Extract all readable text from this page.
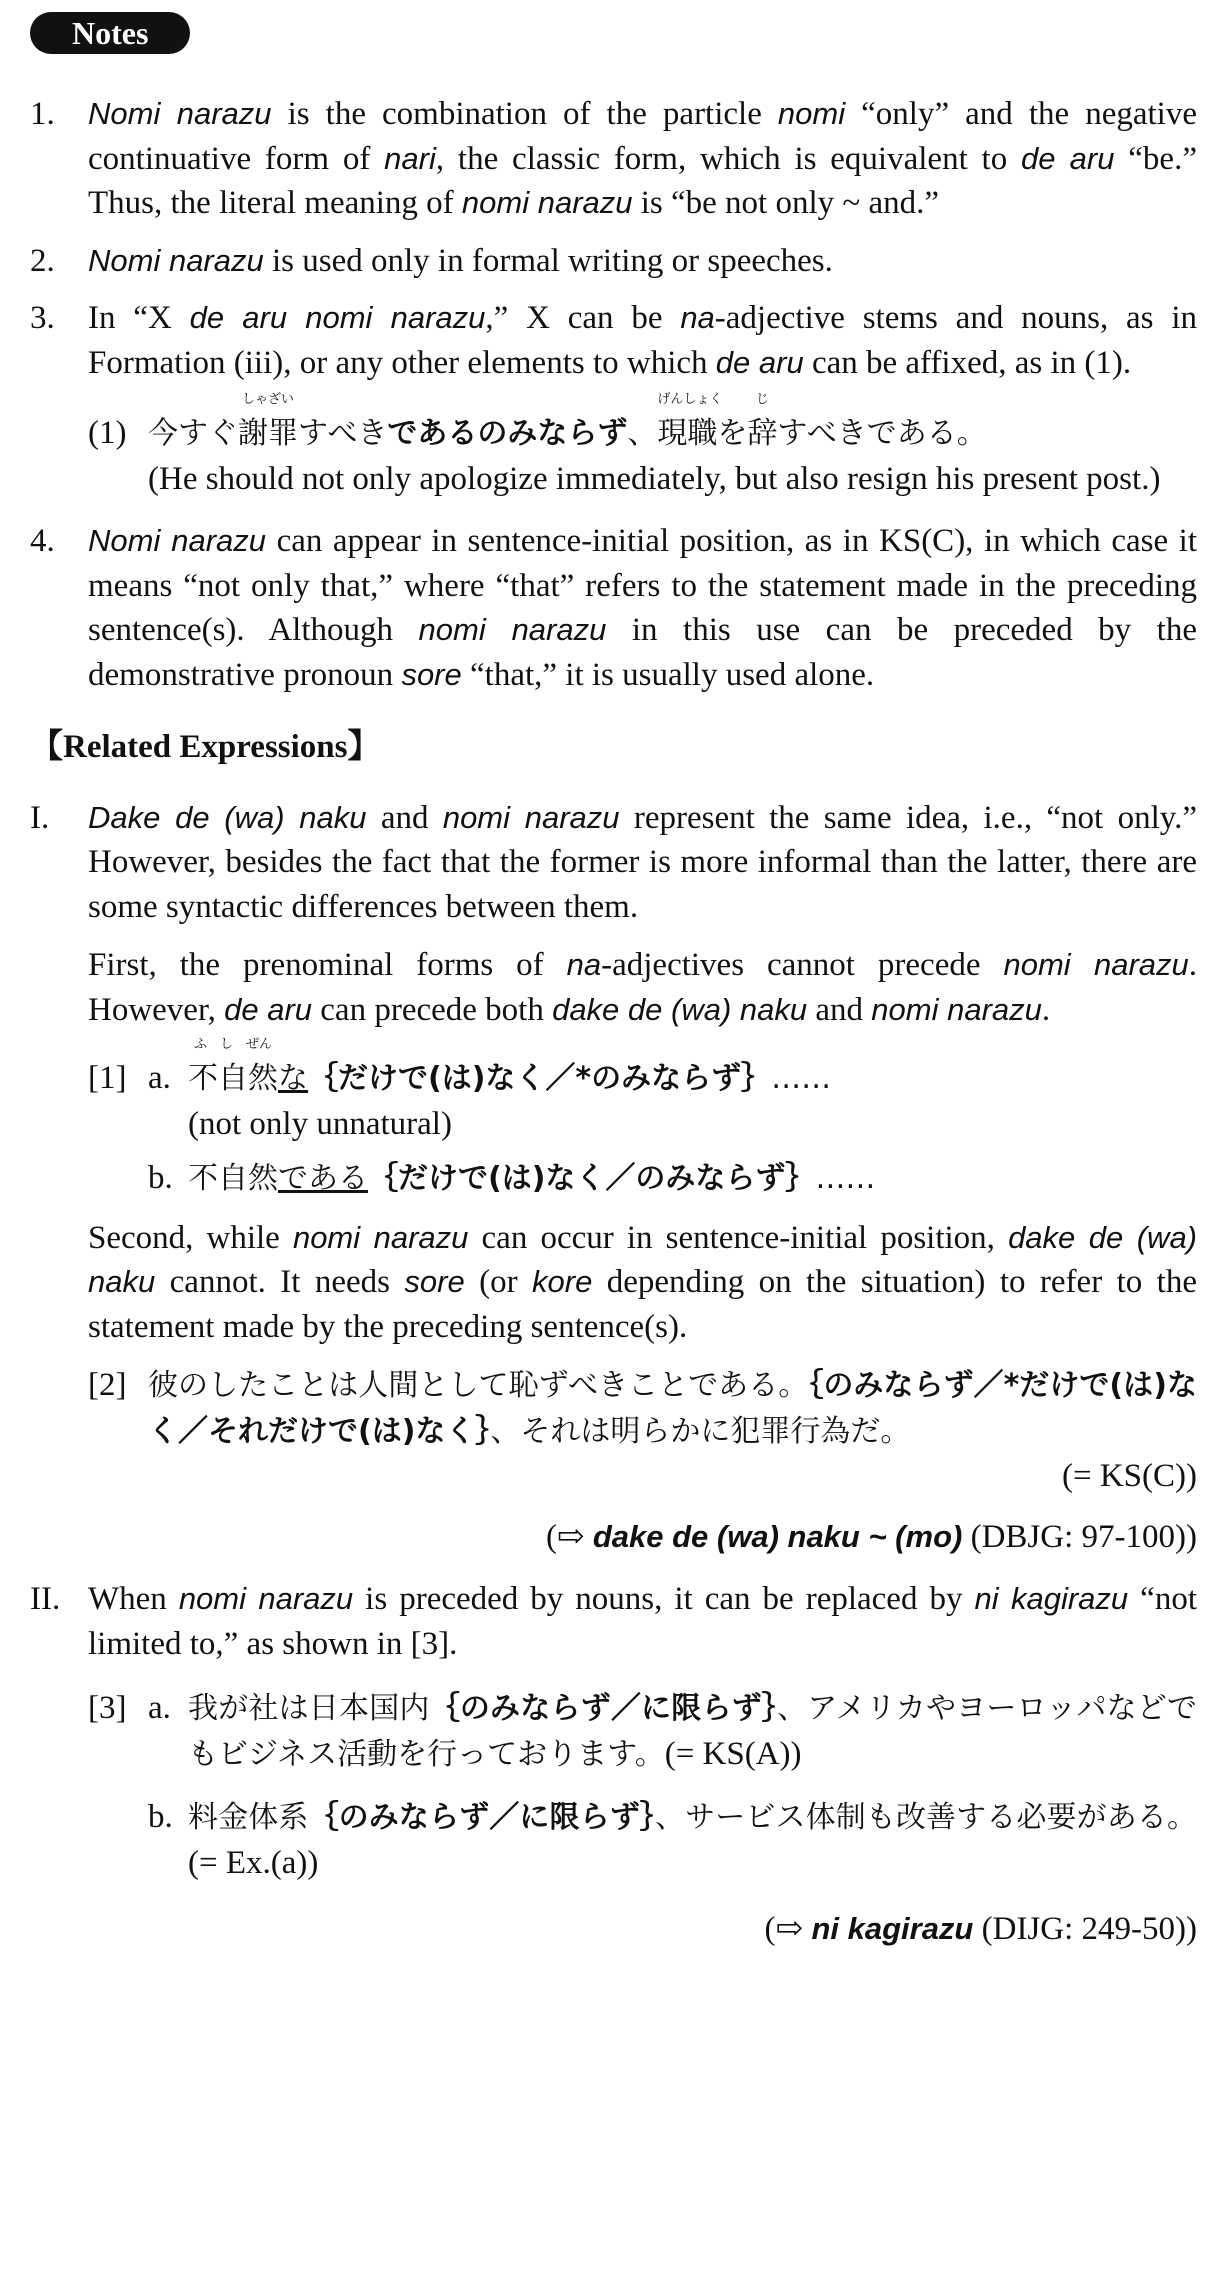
Notes
1. Nomi narazu is the combination of the particle nomi “only” and the negative continuative form of nari, the classic form, which is equivalent to de aru “be.” Thus, the literal meaning of nomi narazu is “be not only ~ and.”
2. Nomi narazu is used only in formal writing or speeches.
3. In “X de aru nomi narazu,” X can be na-adjective stems and nouns, as in Formation (iii), or any other elements to which de aru can be affixed, as in (1).
(1) 今すぐ
しゃざい
謝罪すべきであるのみならず、
げんしょく
現職を
じ
辞すべきである。
(He should not only apologize immediately, but also resign his present post.)
4. Nomi narazu can appear in sentence-initial position, as in KS(C), in which case it means “not only that,” where “that” refers to the statement made in the preceding sentence(s). Although nomi narazu in this use can be preceded by the demonstrative pronoun sore “that,” it is usually used alone.
【Related Expressions】
I. Dake de (wa) naku and nomi narazu represent the same idea, i.e., “not only.” However, besides the fact that the former is more informal than the latter, there are some syntactic differences between them.
First, the prenominal forms of na-adjectives cannot precede nomi narazu. However, de aru can precede both dake de (wa) naku and nomi narazu.
[1] a.
ふ　し　ぜん
不自然な｛だけで(は)なく／*のみならず｝……
(not only unnatural)
b. 不自然である｛だけで(は)なく／のみならず｝……
Second, while nomi narazu can occur in sentence-initial position, dake de (wa) naku cannot. It needs sore (or kore depending on the situation) to refer to the statement made by the preceding sentence(s).
[2] 彼のしたことは人間として恥ずべきことである。｛のみならず／*だけで(は)なく／それだけで(は)なく｝、それは明らかに犯罪行為だ。
(= KS(C))
(⇨ dake de (wa) naku ~ (mo) (DBJG: 97-100))
II. When nomi narazu is preceded by nouns, it can be replaced by ni kagirazu “not limited to,” as shown in [3].
[3] a. 我が社は日本国内｛のみならず／に限らず｝、アメリカやヨーロッパなどでもビジネス活動を行っております。(= KS(A))
b. 料金体系｛のみならず／に限らず｝、サービス体制も改善する必要がある。(= Ex.(a))
(⇨ ni kagirazu (DIJG: 249-50))
